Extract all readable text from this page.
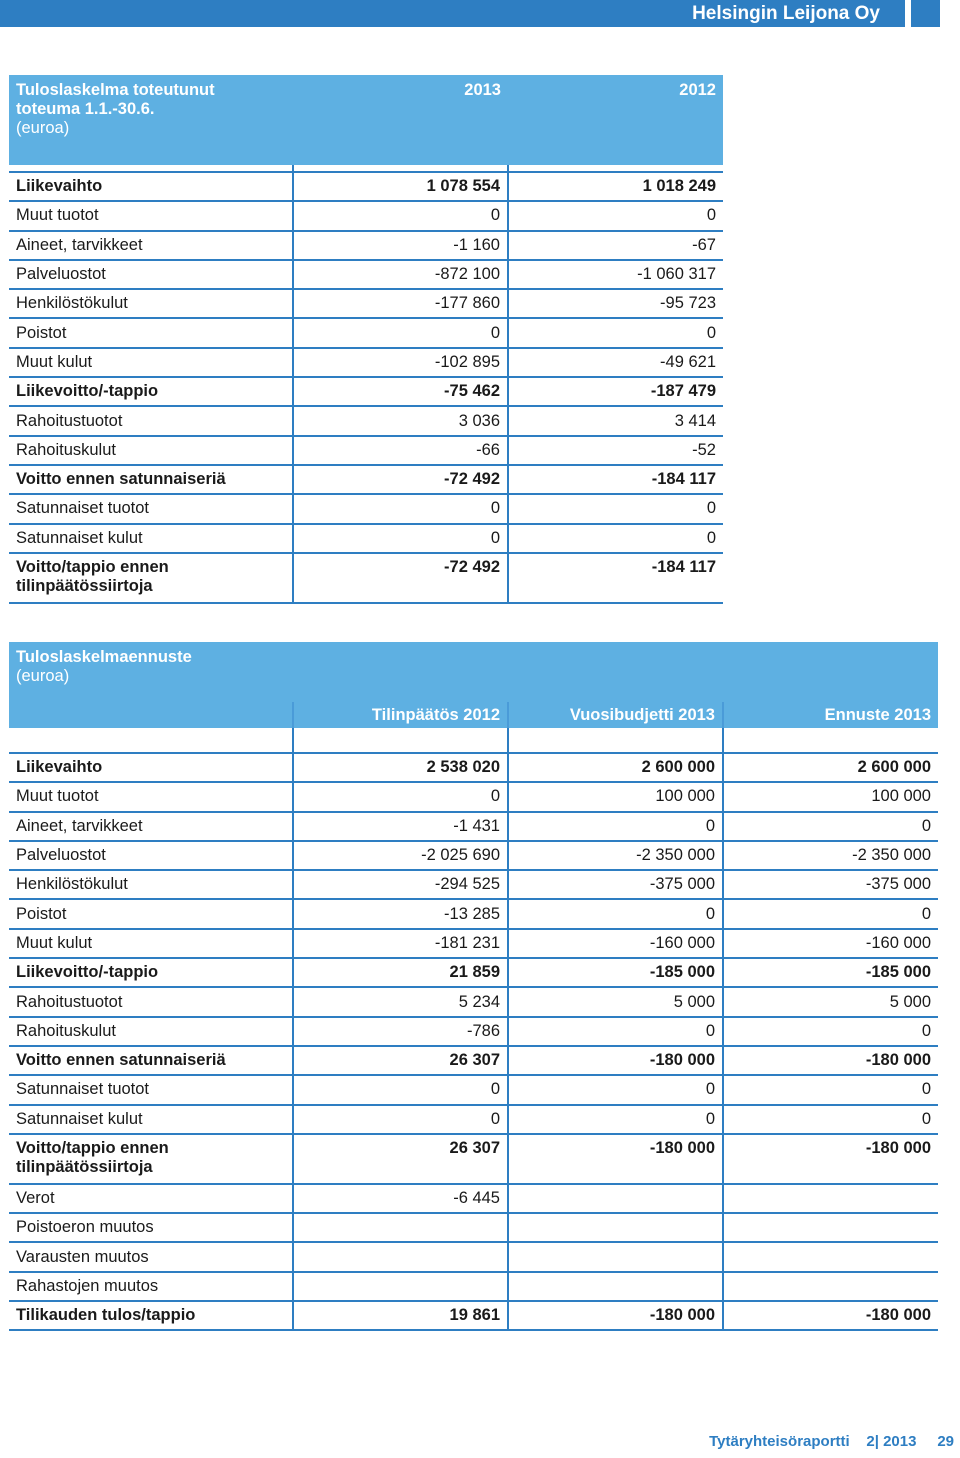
Helsingin Leijona Oy
Tuloslaskelma toteutunut
toteuma 1.1.-30.6.
(euroa)	2013	2012

Liikevaihto	1 078 554	1 018 249
Muut tuotot	0	0
Aineet, tarvikkeet	-1 160	-67
Palveluostot	-872 100	-1 060 317
Henkilöstökulut	-177 860	-95 723
Poistot	0	0
Muut kulut	-102 895	-49 621
Liikevoitto/-tappio	-75 462	-187 479
Rahoitustuotot	3 036	3 414
Rahoituskulut	-66	-52
Voitto ennen satunnaiseriä	-72 492	-184 117
Satunnaiset tuotot	0	0
Satunnaiset kulut	0	0

Voitto/tappio ennen
tilinpäätössiirtoja	-72 492	-184 117
Tuloslaskelmaennuste
(euroa)			

	Tilinpäätös 2012	Vuosibudjetti 2013	Ennuste 2013

Liikevaihto	2 538 020	2 600 000	2 600 000
Muut tuotot	0	100 000	100 000
Aineet, tarvikkeet	-1 431	0	0
Palveluostot	-2 025 690	-2 350 000	-2 350 000
Henkilöstökulut	-294 525	-375 000	-375 000
Poistot	-13 285	0	0
Muut kulut	-181 231	-160 000	-160 000
Liikevoitto/-tappio	21 859	-185 000	-185 000
Rahoitustuotot	5 234	5 000	5 000
Rahoituskulut	-786	0	0
Voitto ennen satunnaiseriä	26 307	-180 000	-180 000
Satunnaiset tuotot	0	0	0
Satunnaiset kulut	0	0	0

Voitto/tappio ennen
tilinpäätössiirtoja	26 307	-180 000	-180 000
Verot	-6 445		
Poistoeron muutos			
Varausten muutos			
Rahastojen muutos			
Tilikauden tulos/tappio	19 861	-180 000	-180 000
Tytäryhteisöraportti 2| 2013 29
